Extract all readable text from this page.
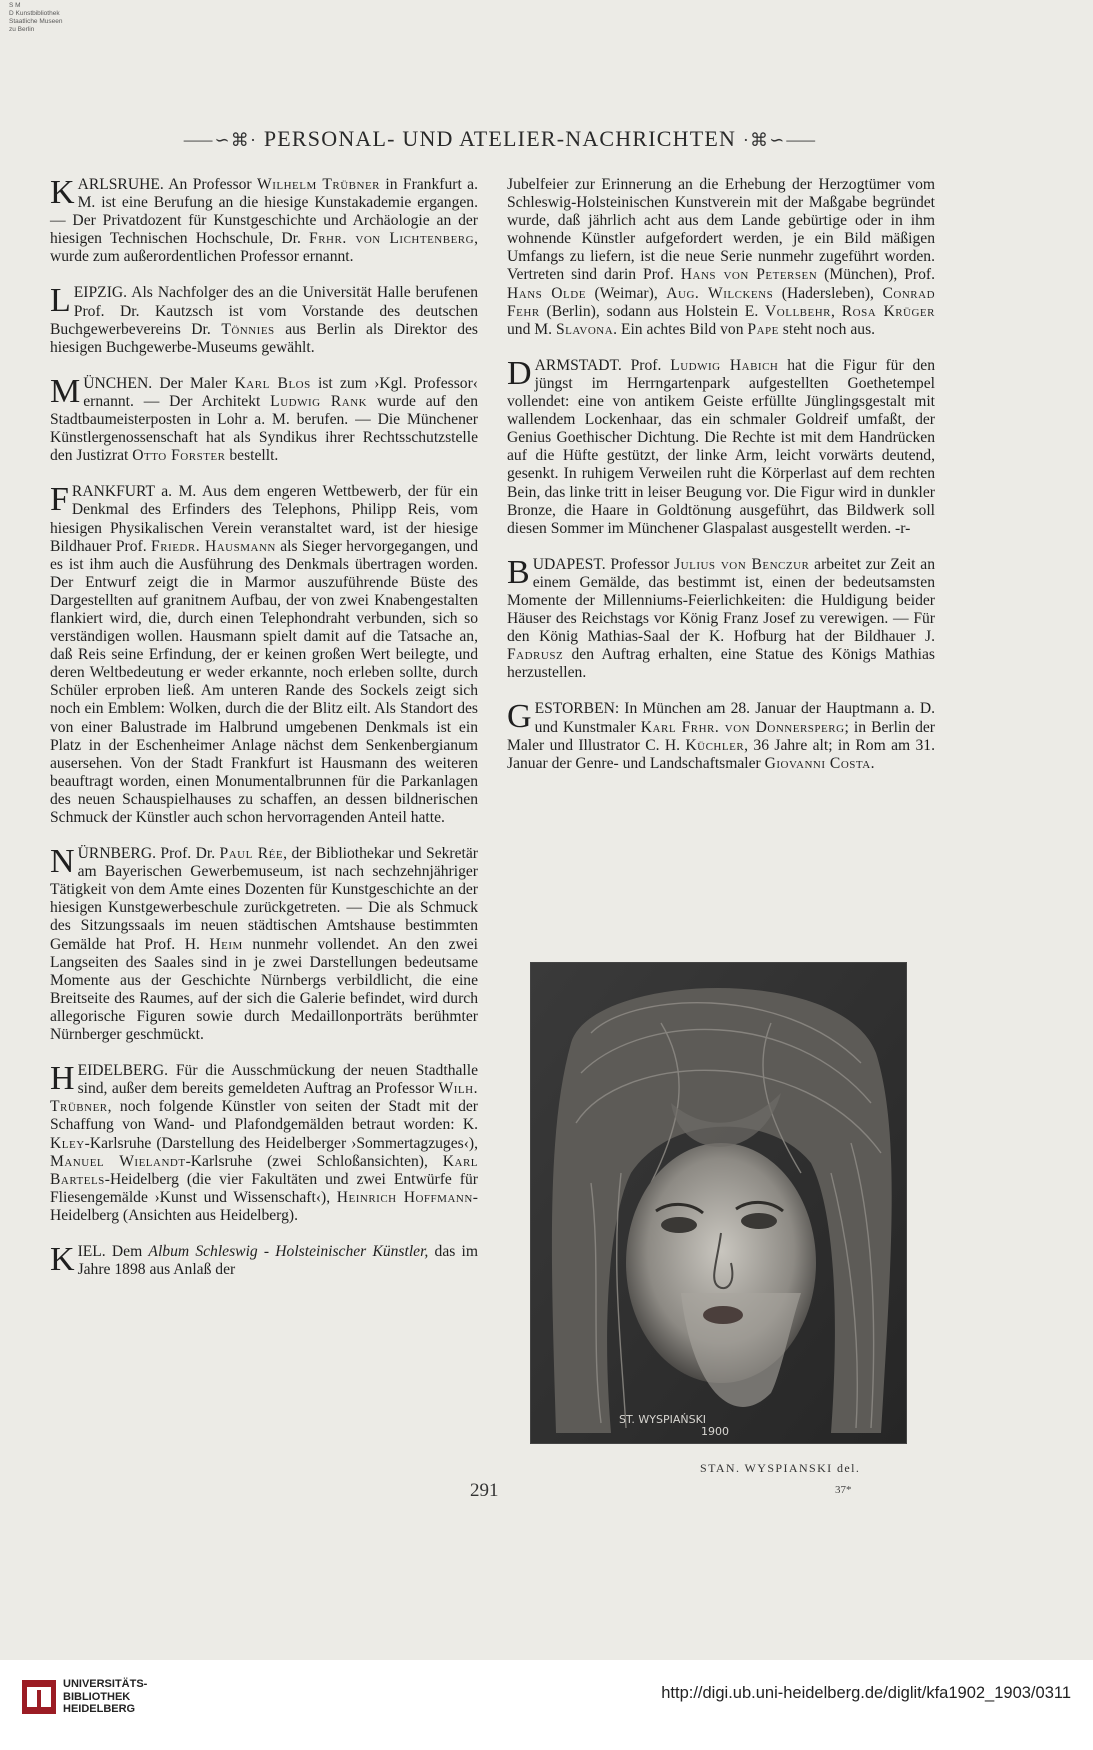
S M
D Kunstbibliothek
Staatliche Museen
zu Berlin
⸺∽⌘· PERSONAL- UND ATELIER-NACHRICHTEN ·⌘∽⸺

KARLSRUHE. An Professor Wilhelm Trübner in Frankfurt a. M. ist eine Berufung an die hiesige Kunstakademie ergangen. — Der Privatdozent für Kunstgeschichte und Archäologie an der hiesigen Technischen Hochschule, Dr. Frhr. von Lichtenberg, wurde zum außerordentlichen Professor ernannt.

LEIPZIG. Als Nachfolger des an die Universität Halle berufenen Prof. Dr. Kautzsch ist vom Vorstande des deutschen Buchgewerbevereins Dr. Tönnies aus Berlin als Direktor des hiesigen Buchgewerbe-Museums gewählt.

MÜNCHEN. Der Maler Karl Blos ist zum ›Kgl. Professor‹ ernannt. — Der Architekt Ludwig Rank wurde auf den Stadtbaumeisterposten in Lohr a. M. berufen. — Die Münchener Künstlergenossenschaft hat als Syndikus ihrer Rechtsschutzstelle den Justizrat Otto Forster bestellt.

FRANKFURT a. M. Aus dem engeren Wettbewerb, der für ein Denkmal des Erfinders des Telephons, Philipp Reis, vom hiesigen Physikalischen Verein veranstaltet ward, ist der hiesige Bildhauer Prof. Friedr. Hausmann als Sieger hervorgegangen, und es ist ihm auch die Ausführung des Denkmals übertragen worden. Der Entwurf zeigt die in Marmor auszuführende Büste des Dargestellten auf granitnem Aufbau, der von zwei Knabengestalten flankiert wird, die, durch einen Telephondraht verbunden, sich so verständigen wollen. Hausmann spielt damit auf die Tatsache an, daß Reis seine Erfindung, der er keinen großen Wert beilegte, und deren Weltbedeutung er weder erkannte, noch erleben sollte, durch Schüler erproben ließ. Am unteren Rande des Sockels zeigt sich noch ein Emblem: Wolken, durch die der Blitz eilt. Als Standort des von einer Balustrade im Halbrund umgebenen Denkmals ist ein Platz in der Eschenheimer Anlage nächst dem Senkenbergianum ausersehen. Von der Stadt Frankfurt ist Hausmann des weiteren beauftragt worden, einen Monumentalbrunnen für die Parkanlagen des neuen Schauspielhauses zu schaffen, an dessen bildnerischen Schmuck der Künstler auch schon hervorragenden Anteil hatte.

NÜRNBERG. Prof. Dr. Paul Rée, der Bibliothekar und Sekretär am Bayerischen Gewerbemuseum, ist nach sechzehnjähriger Tätigkeit von dem Amte eines Dozenten für Kunstgeschichte an der hiesigen Kunstgewerbeschule zurückgetreten. — Die als Schmuck des Sitzungssaals im neuen städtischen Amtshause bestimmten Gemälde hat Prof. H. Heim nunmehr vollendet. An den zwei Langseiten des Saales sind in je zwei Darstellungen bedeutsame Momente aus der Geschichte Nürnbergs verbildlicht, die eine Breitseite des Raumes, auf der sich die Galerie befindet, wird durch allegorische Figuren sowie durch Medaillonporträts berühmter Nürnberger geschmückt.

HEIDELBERG. Für die Ausschmückung der neuen Stadthalle sind, außer dem bereits gemeldeten Auftrag an Professor Wilh. Trübner, noch folgende Künstler von seiten der Stadt mit der Schaffung von Wand- und Plafondgemälden betraut worden: K. Kley-Karlsruhe (Darstellung des Heidelberger ›Sommertagzuges‹), Manuel Wielandt-Karlsruhe (zwei Schloßansichten), Karl Bartels-Heidelberg (die vier Fakultäten und zwei Entwürfe für Fliesengemälde ›Kunst und Wissenschaft‹), Heinrich Hoffmann-Heidelberg (Ansichten aus Heidelberg).

KIEL. Dem Album Schleswig - Holsteinischer Künstler, das im Jahre 1898 aus Anlaß der

Jubelfeier zur Erinnerung an die Erhebung der Herzogtümer vom Schleswig-Holsteinischen Kunstverein mit der Maßgabe begründet wurde, daß jährlich acht aus dem Lande gebürtige oder in ihm wohnende Künstler aufgefordert werden, je ein Bild mäßigen Umfangs zu liefern, ist die neue Serie nunmehr zugeführt worden. Vertreten sind darin Prof. Hans von Petersen (München), Prof. Hans Olde (Weimar), Aug. Wilckens (Hadersleben), Conrad Fehr (Berlin), sodann aus Holstein E. Vollbehr, Rosa Krüger und M. Slavona. Ein achtes Bild von Pape steht noch aus.

DARMSTADT. Prof. Ludwig Habich hat die Figur für den jüngst im Herrngartenpark aufgestellten Goethetempel vollendet: eine von antikem Geiste erfüllte Jünglingsgestalt mit wallendem Lockenhaar, das ein schmaler Goldreif umfaßt, der Genius Goethischer Dichtung. Die Rechte ist mit dem Handrücken auf die Hüfte gestützt, der linke Arm, leicht vorwärts deutend, gesenkt. In ruhigem Verweilen ruht die Körperlast auf dem rechten Bein, das linke tritt in leiser Beugung vor. Die Figur wird in dunkler Bronze, die Haare in Goldtönung ausgeführt, das Bildwerk soll diesen Sommer im Münchener Glaspalast ausgestellt werden. -r-

BUDAPEST. Professor Julius von Benczur arbeitet zur Zeit an einem Gemälde, das bestimmt ist, einen der bedeutsamsten Momente der Millenniums-Feierlichkeiten: die Huldigung beider Häuser des Reichstags vor König Franz Josef zu verewigen. — Für den König Mathias-Saal der K. Hofburg hat der Bildhauer J. Fadrusz den Auftrag erhalten, eine Statue des Königs Mathias herzustellen.

GESTORBEN: In München am 28. Januar der Hauptmann a. D. und Kunstmaler Karl Frhr. von Donnersperg; in Berlin der Maler und Illustrator C. H. Küchler, 36 Jahre alt; in Rom am 31. Januar der Genre- und Landschaftsmaler Giovanni Costa.

ST. WYSPIAŃSKI
1900
STAN. WYSPIANSKI del.
291	37*
UNIVERSITÄTS-
BIBLIOTHEK
HEIDELBERG
http://digi.ub.uni-heidelberg.de/diglit/kfa1902_1903/0311
